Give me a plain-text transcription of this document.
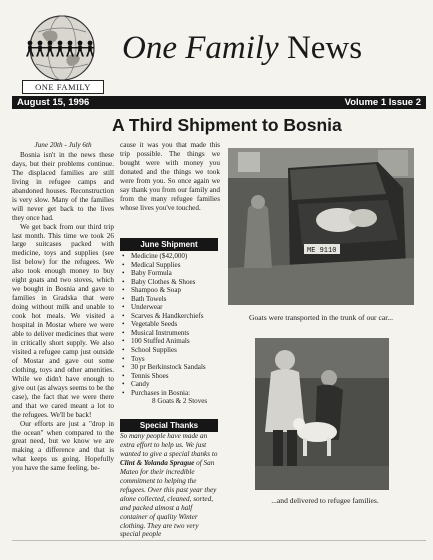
ONE FAMILY
One Family News
August 15, 1996	Volume 1 Issue 2
A Third Shipment to Bosnia
June 20th - July 6th

Bosnia isn't in the news these days, but their problems continue. The displaced families are still living in refugee camps and abandoned houses. Reconstruction is very slow. Many of the families will never get back to the lives they once had.

We get back from our third trip last month. This time we took 26 large suitcases packed with medicine, toys and supplies (see list below) for the refugees. We also took enough money to buy eight goats and two stoves, which we bought in Bosnia and gave to families in Gradska that were doing without milk and unable to cook hot meals. We visited a hospital in Mostar where we were able to deliver medicines that were in critically short supply. We also visited a refugee camp just outside of Mostar and gave out some clothing, toys and other amenities. While we didn't have enough to give out (as always seems to be the case), the fact that we were there and that we cared meant a lot to the refugees. We'll be back!

Our efforts are just a "drop in the ocean" when compared to the great need, but we know we are making a difference and that is what keeps us going. Hopefully you have the same feeling, be-

cause it was you that made this trip possible. The things we bought were with money you donated and the things we took were from you. So once again we say thank you from our family and from the many refugee families whose lives you've touched.

June Shipment
• Medicine ($42,000)
• Medical Supplies
• Baby Formula
• Baby Clothes & Shoes
• Shampoo & Soap
• Bath Towels
• Underwear
• Scarves & Handkerchiefs
• Vegetable Seeds
• Musical Instruments
• 100 Stuffed Animals
• School Supplies
• Toys
• 30 pr Berkinstock Sandals
• Tennis Shoes
• Candy
• Purchases in Bosnia:
8 Goats & 2 Stoves
Special Thanks

So many people have made an extra effort to help us. We just wanted to give a special thanks to Clint & Yolanda Sprague of San Mateo for their incredible commitment to helping the refugees. Over this past year they alone collected, cleaned, sorted, and packed almost a half container of quality Winter clothing. They are two very special people

ME 9110
Goats were transported in the trunk of our car...
...and delivered to refugee families.
